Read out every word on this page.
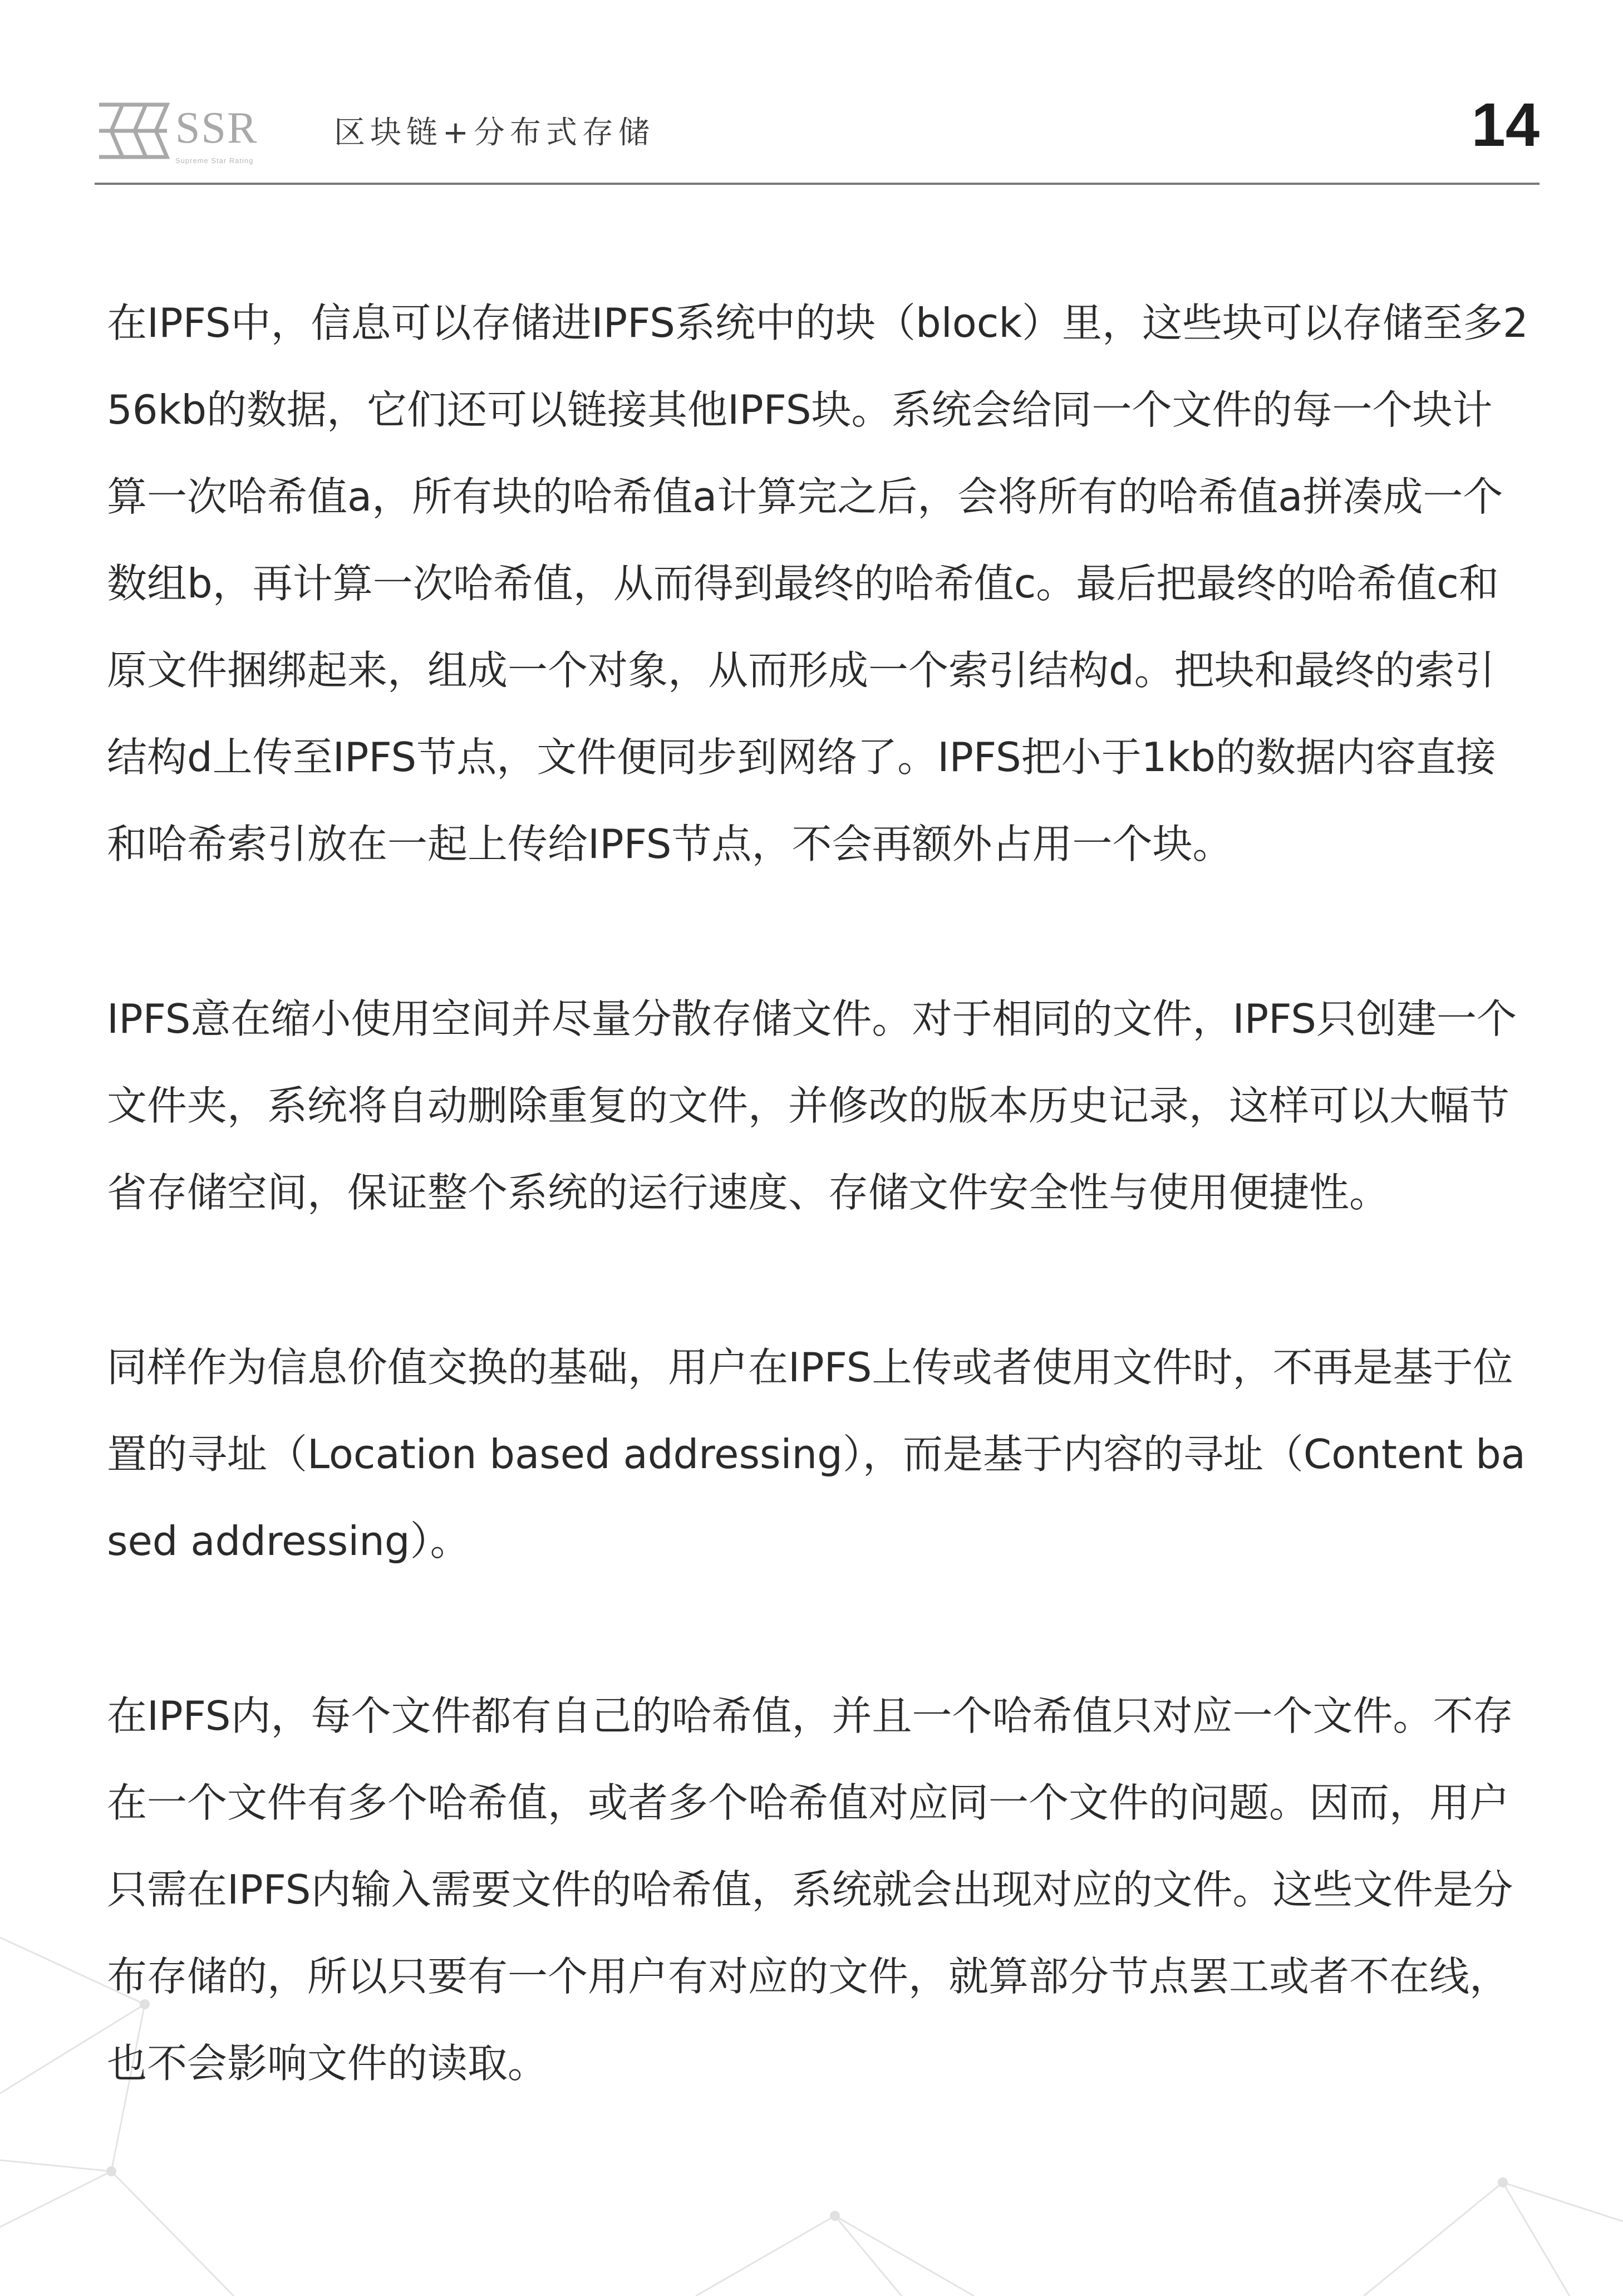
SSR
Supreme Star Rating
区块链+分布式存储	14

在IPFS中，信息可以存储进IPFS系统中的块（block）里，这些块可以存储至多256kb的数据，它们还可以链接其他IPFS块。系统会给同一个文件的每一个块计算一次哈希值a，所有块的哈希值a计算完之后，会将所有的哈希值a拼凑成一个数组b，再计算一次哈希值，从而得到最终的哈希值c。最后把最终的哈希值c和原文件捆绑起来，组成一个对象，从而形成一个索引结构d。把块和最终的索引结构d上传至IPFS节点，文件便同步到网络了。IPFS把小于1kb的数据内容直接和哈希索引放在一起上传给IPFS节点，不会再额外占用一个块。

IPFS意在缩小使用空间并尽量分散存储文件。对于相同的文件，IPFS只创建一个文件夹，系统将自动删除重复的文件，并修改的版本历史记录，这样可以大幅节省存储空间，保证整个系统的运行速度、存储文件安全性与使用便捷性。

同样作为信息价值交换的基础，用户在IPFS上传或者使用文件时，不再是基于位置的寻址（Location based addressing），而是基于内容的寻址（Content based addressing）。

在IPFS内，每个文件都有自己的哈希值，并且一个哈希值只对应一个文件。不存在一个文件有多个哈希值，或者多个哈希值对应同一个文件的问题。因而，用户只需在IPFS内输入需要文件的哈希值，系统就会出现对应的文件。这些文件是分布存储的，所以只要有一个用户有对应的文件，就算部分节点罢工或者不在线，也不会影响文件的读取。
